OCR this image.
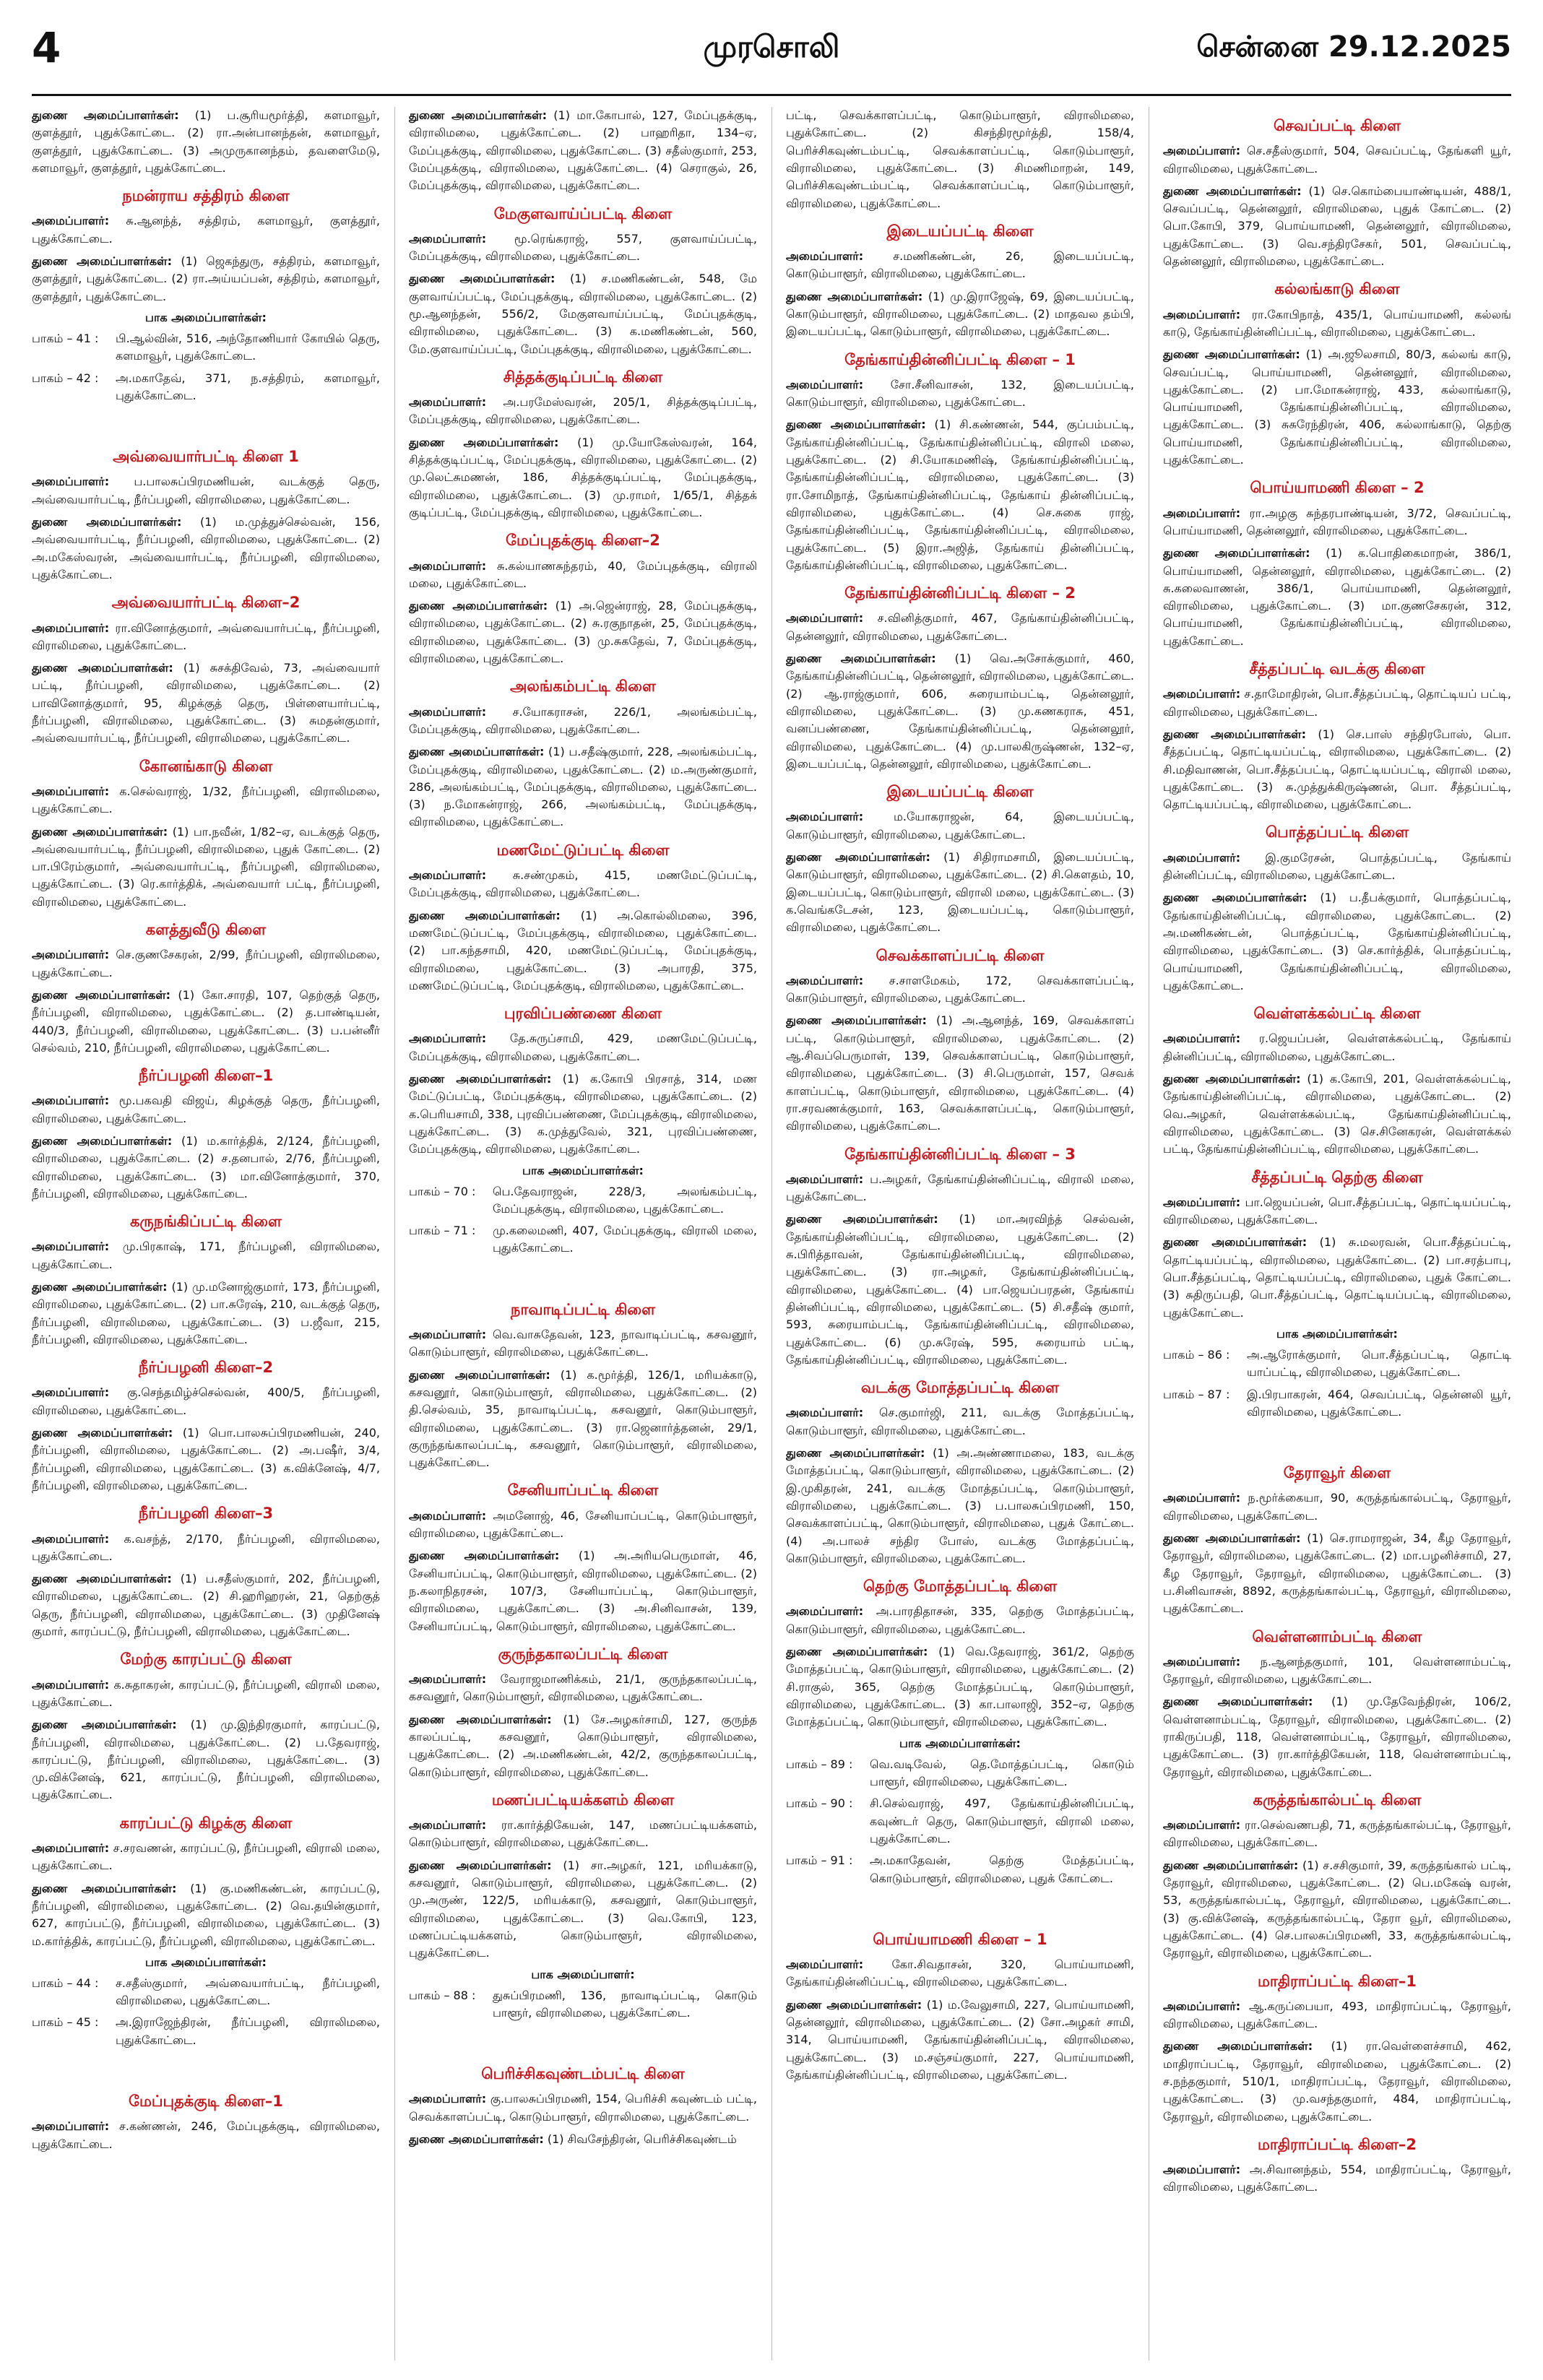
4	முரசொலி	சென்னை 29.12.2025

துணை அமைப்பாளர்கள்: (1) ப.சூரியமூர்த்தி, களமாவூர், குளத்தூர், புதுக்கோட்டை. (2) ரா.அன்பானந்தன், களமாவூர், குளத்தூர், புதுக்கோட்டை. (3) அமுருகானந்தம், தவளைமேடு, களமாவூர், குளத்தூர், புதுக்கோட்டை.

நமன்ராய சத்திரம் கிளை

அமைப்பாளர்: சு.ஆனந்த், சத்திரம், களமாவூர், குளத்தூர், புதுக்கோட்டை.

துணை அமைப்பாளர்கள்: (1) ஜெகந்துரு, சத்திரம், களமாவூர், குளத்தூர், புதுக்கோட்டை. (2) ரா.அய்யப்பன், சத்திரம், களமாவூர், குளத்தூர், புதுக்கோட்டை.

பாக அமைப்பாளர்கள்:
பாகம் – 41 :	பி.ஆல்வின், 516, அந்தோணியார் கோயில் தெரு, களமாவூர், புதுக்கோட்டை.
பாகம் – 42 :	அ.மகாதேவ், 371, ந.சத்திரம், களமாவூர், புதுக்கோட்டை.
அவ்வையார்பட்டி கிளை 1

அமைப்பாளர்: ப.பாலசுப்பிரமணியன், வடக்குத் தெரு, அவ்வையார்பட்டி, நீர்ப்பழனி, விராலிமலை, புதுக்கோட்டை.

துணை அமைப்பாளர்கள்: (1) ம.முத்துச்செல்வன், 156, அவ்வையார்பட்டி, நீர்ப்பழனி, விராலிமலை, புதுக்கோட்டை. (2) அ.மகேஸ்வரன், அவ்வையார்பட்டி, நீர்ப்பழனி, விராலிமலை, புதுக்கோட்டை.

அவ்வையார்பட்டி கிளை–2

அமைப்பாளர்: ரா.வினோத்குமார், அவ்வையார்பட்டி, நீர்ப்பழனி, விராலிமலை, புதுக்கோட்டை.

துணை அமைப்பாளர்கள்: (1) சுசக்திவேல், 73, அவ்வையார் பட்டி, நீர்ப்பழனி, விராலிமலை, புதுக்கோட்டை. (2) பாவினோத்குமார், 95, கிழக்குத் தெரு, பிள்ளையார்பட்டி, நீர்ப்பழனி, விராலிமலை, புதுக்கோட்டை. (3) சுமதன்குமார், அவ்வையார்பட்டி, நீர்ப்பழனி, விராலிமலை, புதுக்கோட்டை.

கோனங்காடு கிளை

அமைப்பாளர்: க.செல்வராஜ், 1/32, நீர்ப்பழனி, விராலிமலை, புதுக்கோட்டை.

துணை அமைப்பாளர்கள்: (1) பா.நவீன், 1/82–ஏ, வடக்குத் தெரு, அவ்வையார்பட்டி, நீர்ப்பழனி, விராலிமலை, புதுக் கோட்டை. (2) பா.பிரேம்குமார், அவ்வையார்பட்டி, நீர்ப்பழனி, விராலிமலை, புதுக்கோட்டை. (3) ரெ.கார்த்திக், அவ்வையார் பட்டி, நீர்ப்பழனி, விராலிமலை, புதுக்கோட்டை.

களத்துவீடு கிளை

அமைப்பாளர்: செ.குணசேகரன், 2/99, நீர்ப்பழனி, விராலிமலை, புதுக்கோட்டை.

துணை அமைப்பாளர்கள்: (1) கோ.சாரதி, 107, தெற்குத் தெரு, நீர்ப்பழனி, விராலிமலை, புதுக்கோட்டை. (2) த.பாண்டியன், 440/3, நீர்ப்பழனி, விராலிமலை, புதுக்கோட்டை. (3) ப.பன்னீர் செல்வம், 210, நீர்ப்பழனி, விராலிமலை, புதுக்கோட்டை.

நீர்ப்பழனி கிளை–1

அமைப்பாளர்: மூ.பகவதி விஜய், கிழக்குத் தெரு, நீர்ப்பழனி, விராலிமலை, புதுக்கோட்டை.

துணை அமைப்பாளர்கள்: (1) ம.கார்த்திக், 2/124, நீர்ப்பழனி, விராலிமலை, புதுக்கோட்டை. (2) ச.தனபால், 2/76, நீர்ப்பழனி, விராலிமலை, புதுக்கோட்டை. (3) மா.வினோத்குமார், 370, நீர்ப்பழனி, விராலிமலை, புதுக்கோட்டை.

கருநங்கிப்பட்டி கிளை

அமைப்பாளர்: மு.பிரகாஷ், 171, நீர்ப்பழனி, விராலிமலை, புதுக்கோட்டை.

துணை அமைப்பாளர்கள்: (1) மு.மனோஜ்குமார், 173, நீர்ப்பழனி, விராலிமலை, புதுக்கோட்டை. (2) பா.சுரேஷ், 210, வடக்குத் தெரு, நீர்ப்பழனி, விராலிமலை, புதுக்கோட்டை. (3) ப.ஜீவா, 215, நீர்ப்பழனி, விராலிமலை, புதுக்கோட்டை.

நீர்ப்பழனி கிளை–2

அமைப்பாளர்: கு.செந்தமிழ்ச்செல்வன், 400/5, நீர்ப்பழனி, விராலிமலை, புதுக்கோட்டை.

துணை அமைப்பாளர்கள்: (1) பொ.பாலசுப்பிரமணியன், 240, நீர்ப்பழனி, விராலிமலை, புதுக்கோட்டை. (2) அ.பஷீர், 3/4, நீர்ப்பழனி, விராலிமலை, புதுக்கோட்டை. (3) க.விக்னேஷ், 4/7, நீர்ப்பழனி, விராலிமலை, புதுக்கோட்டை.

நீர்ப்பழனி கிளை–3

அமைப்பாளர்: க.வசந்த், 2/170, நீர்ப்பழனி, விராலிமலை, புதுக்கோட்டை.

துணை அமைப்பாளர்கள்: (1) ப.சதீஸ்குமார், 202, நீர்ப்பழனி, விராலிமலை, புதுக்கோட்டை. (2) சி.ஹரிஹரன், 21, தெற்குத் தெரு, நீர்ப்பழனி, விராலிமலை, புதுக்கோட்டை. (3) முதினேஷ் குமார், காரப்பட்டு, நீர்ப்பழனி, விராலிமலை, புதுக்கோட்டை.

மேற்கு காரப்பட்டு கிளை

அமைப்பாளர்: க.சுதாகரன், காரப்பட்டு, நீர்ப்பழனி, விராலி மலை, புதுக்கோட்டை.

துணை அமைப்பாளர்கள்: (1) மு.இந்திரகுமார், காரப்பட்டு, நீர்ப்பழனி, விராலிமலை, புதுக்கோட்டை. (2) ப.தேவராஜ், காரப்பட்டு, நீர்ப்பழனி, விராலிமலை, புதுக்கோட்டை. (3) மு.விக்னேஷ், 621, காரப்பட்டு, நீர்ப்பழனி, விராலிமலை, புதுக்கோட்டை.

காரப்பட்டு கிழக்கு கிளை

அமைப்பாளர்: ச.சரவணன், காரப்பட்டு, நீர்ப்பழனி, விராலி மலை, புதுக்கோட்டை.

துணை அமைப்பாளர்கள்: (1) கு.மணிகண்டன், காரப்பட்டு, நீர்ப்பழனி, விராலிமலை, புதுக்கோட்டை. (2) வெ.தயின்குமார், 627, காரப்பட்டு, நீர்ப்பழனி, விராலிமலை, புதுக்கோட்டை. (3) ம.கார்த்திக், காரப்பட்டு, நீர்ப்பழனி, விராலிமலை, புதுக்கோட்டை.

பாக அமைப்பாளர்கள்:
பாகம் – 44 :	ச.சதீஸ்குமார், அவ்வையார்பட்டி, நீர்ப்பழனி, விராலிமலை, புதுக்கோட்டை.
பாகம் – 45 :	அ.இராஜேந்திரன், நீர்ப்பழனி, விராலிமலை, புதுக்கோட்டை.
மேப்புதக்குடி கிளை–1

அமைப்பாளர்: ச.கண்ணன், 246, மேப்புதக்குடி, விராலிமலை, புதுக்கோட்டை.

துணை அமைப்பாளர்கள்: (1) மா.கோபால், 127, மேப்புதக்குடி, விராலிமலை, புதுக்கோட்டை. (2) பாஹரிதா, 134–ஏ, மேப்புதக்குடி, விராலிமலை, புதுக்கோட்டை. (3) சதீஸ்குமார், 253, மேப்புதக்குடி, விராலிமலை, புதுக்கோட்டை. (4) செராகுல், 26, மேப்புதக்குடி, விராலிமலை, புதுக்கோட்டை.

மேகுளவாய்ப்பட்டி கிளை

அமைப்பாளர்: மூ.ரெங்கராஜ், 557, குளவாய்ப்பட்டி, மேப்புதக்குடி, விராலிமலை, புதுக்கோட்டை.

துணை அமைப்பாளர்கள்: (1) ச.மணிகண்டன், 548, மே குளவாய்ப்பட்டி, மேப்புதக்குடி, விராலிமலை, புதுக்கோட்டை. (2) மூ.ஆனந்தன், 556/2, மேகுளவாய்ப்பட்டி, மேப்புதக்குடி, விராலிமலை, புதுக்கோட்டை. (3) க.மணிகண்டன், 560, மே.குளவாய்ப்பட்டி, மேப்புதக்குடி, விராலிமலை, புதுக்கோட்டை.

சித்தக்குடிப்பட்டி கிளை

அமைப்பாளர்: அ.பரமேஸ்வரன், 205/1, சித்தக்குடிப்பட்டி, மேப்புதக்குடி, விராலிமலை, புதுக்கோட்டை.

துணை அமைப்பாளர்கள்: (1) மு.யோகேஸ்வரன், 164, சித்தக்குடிப்பட்டி, மேப்புதக்குடி, விராலிமலை, புதுக்கோட்டை. (2) மு.லெட்சுமணன், 186, சித்தக்குடிப்பட்டி, மேப்புதக்குடி, விராலிமலை, புதுக்கோட்டை. (3) மு.ராமர், 1/65/1, சித்தக் குடிப்பட்டி, மேப்புதக்குடி, விராலிமலை, புதுக்கோட்டை.

மேப்புதக்குடி கிளை–2

அமைப்பாளர்: சு.கல்யாணசுந்தரம், 40, மேப்புதக்குடி, விராலி மலை, புதுக்கோட்டை.

துணை அமைப்பாளர்கள்: (1) அ.ஜென்ராஜ், 28, மேப்புதக்குடி, விராலிமலை, புதுக்கோட்டை. (2) சு.ரகுநாதன், 25, மேப்புதக்குடி, விராலிமலை, புதுக்கோட்டை. (3) மு.சுகதேவ், 7, மேப்புதக்குடி, விராலிமலை, புதுக்கோட்டை.

அலங்கம்பட்டி கிளை

அமைப்பாளர்: ச.யோகராசன், 226/1, அலங்கம்பட்டி, மேப்புதக்குடி, விராலிமலை, புதுக்கோட்டை.

துணை அமைப்பாளர்கள்: (1) ப.சதீஷ்குமார், 228, அலங்கம்பட்டி, மேப்புதக்குடி, விராலிமலை, புதுக்கோட்டை. (2) ம.அருண்குமார், 286, அலங்கம்பட்டி, மேப்புதக்குடி, விராலிமலை, புதுக்கோட்டை. (3) ந.மோகன்ராஜ், 266, அலங்கம்பட்டி, மேப்புதக்குடி, விராலிமலை, புதுக்கோட்டை.

மணமேட்டுப்பட்டி கிளை

அமைப்பாளர்: சு.சண்முகம், 415, மணமேட்டுப்பட்டி, மேப்புதக்குடி, விராலிமலை, புதுக்கோட்டை.

துணை அமைப்பாளர்கள்: (1) அ.கொல்லிமலை, 396, மணமேட்டுப்பட்டி, மேப்புதக்குடி, விராலிமலை, புதுக்கோட்டை. (2) பா.கந்தசாமி, 420, மணமேட்டுப்பட்டி, மேப்புதக்குடி, விராலிமலை, புதுக்கோட்டை. (3) அபாரதி, 375, மணமேட்டுப்பட்டி, மேப்புதக்குடி, விராலிமலை, புதுக்கோட்டை.

புரவிப்பண்ணை கிளை

அமைப்பாளர்: தே.சுருப்சாமி, 429, மணமேட்டுப்பட்டி, மேப்புதக்குடி, விராலிமலை, புதுக்கோட்டை.

துணை அமைப்பாளர்கள்: (1) க.கோபி பிரசாத், 314, மண மேட்டுப்பட்டி, மேப்புதக்குடி, விராலிமலை, புதுக்கோட்டை. (2) க.பெரியசாமி, 338, புரவிப்பண்ணை, மேப்புதக்குடி, விராலிமலை, புதுக்கோட்டை. (3) க.முத்துவேல், 321, புரவிப்பண்ணை, மேப்புதக்குடி, விராலிமலை, புதுக்கோட்டை.

பாக அமைப்பாளர்கள்:
பாகம் – 70 :	பெ.தேவராஜன், 228/3, அலங்கம்பட்டி, மேப்புதக்குடி, விராலிமலை, புதுக்கோட்டை.
பாகம் – 71 :	மு.கலைமணி, 407, மேப்புதக்குடி, விராலி மலை, புதுக்கோட்டை.
நாவாடிப்பட்டி கிளை

அமைப்பாளர்: வெ.வாசுதேவன், 123, நாவாடிப்பட்டி, கசவனூர், கொடும்பாளூர், விராலிமலை, புதுக்கோட்டை.

துணை அமைப்பாளர்கள்: (1) க.மூர்த்தி, 126/1, மரியக்காடு, கசவனூர், கொடும்பாளூர், விராலிமலை, புதுக்கோட்டை. (2) தி.செல்வம், 35, நாவாடிப்பட்டி, கசவனூர், கொடும்பாளூர், விராலிமலை, புதுக்கோட்டை. (3) ரா.ஜெனார்த்தனன், 29/1, குருந்தங்காலப்பட்டி, கசவனூர், கொடும்பாளூர், விராலிமலை, புதுக்கோட்டை.

சேனியாப்பட்டி கிளை

அமைப்பாளர்: அமனோஜ், 46, சேனியாப்பட்டி, கொடும்பாளூர், விராலிமலை, புதுக்கோட்டை.

துணை அமைப்பாளர்கள்: (1) அ.அரியபெருமாள், 46, சேனியாப்பட்டி, கொடும்பாளூர், விராலிமலை, புதுக்கோட்டை. (2) ந.கலாநிதரசன், 107/3, சேனியாப்பட்டி, கொடும்பாளூர், விராலிமலை, புதுக்கோட்டை. (3) அ.சினிவாசன், 139, சேனியாப்பட்டி, கொடும்பாளூர், விராலிமலை, புதுக்கோட்டை.

குருந்தகாலப்பட்டி கிளை

அமைப்பாளர்: வேராஜமாணிக்கம், 21/1, குருந்தகாலப்பட்டி, கசவனூர், கொடும்பாளூர், விராலிமலை, புதுக்கோட்டை.

துணை அமைப்பாளர்கள்: (1) சே.அழகர்சாமி, 127, குருந்த காலப்பட்டி, கசவனூர், கொடும்பாளூர், விராலிமலை, புதுக்கோட்டை. (2) அ.மணிகண்டன், 42/2, குருந்தகாலப்பட்டி, கொடும்பாளூர், விராலிமலை, புதுக்கோட்டை.

மணப்பட்டியக்களம் கிளை

அமைப்பாளர்: ரா.கார்த்திகேயன், 147, மணப்பட்டியக்களம், கொடும்பாளூர், விராலிமலை, புதுக்கோட்டை.

துணை அமைப்பாளர்கள்: (1) சா.அழகர், 121, மரியக்காடு, கசவனூர், கொடும்பாளூர், விராலிமலை, புதுக்கோட்டை. (2) மு.அருண், 122/5, மரியக்காடு, கசவனூர், கொடும்பாளூர், விராலிமலை, புதுக்கோட்டை. (3) வெ.கோபி, 123, மணப்பட்டியக்களம், கொடும்பாளூர், விராலிமலை, புதுக்கோட்டை.

பாக அமைப்பாளர்:
பாகம் – 88 :	துசுப்பிரமணி, 136, நாவாடிப்பட்டி, கொடும் பாளூர், விராலிமலை, புதுக்கோட்டை.
பெரிச்சிகவுண்டம்பட்டி கிளை

அமைப்பாளர்: கு.பாலசுப்பிரமணி, 154, பெரிச்சி கவுண்டம் பட்டி, செவக்காளப்பட்டி, கொடும்பாளூர், விராலிமலை, புதுக்கோட்டை.

துணை அமைப்பாளர்கள்: (1) சிவசேந்திரன், பெரிச்சிகவுண்டம்

பட்டி, செவக்காளப்பட்டி, கொடும்பாளூர், விராலிமலை, புதுக்கோட்டை. (2) கிசந்திரமூர்த்தி, 158/4, பெரிச்சிகவுண்டம்பட்டி, செவக்காளப்பட்டி, கொடும்பாளூர், விராலிமலை, புதுக்கோட்டை. (3) சிமணிமாறன், 149, பெரிச்சிகவுண்டம்பட்டி, செவக்காளப்பட்டி, கொடும்பாளூர், விராலிமலை, புதுக்கோட்டை.

இடையப்பட்டி கிளை

அமைப்பாளர்: ச.மணிகண்டன், 26, இடையப்பட்டி, கொடும்பாளூர், விராலிமலை, புதுக்கோட்டை.

துணை அமைப்பாளர்கள்: (1) மு.இராஜேஷ், 69, இடையப்பட்டி, கொடும்பாளூர், விராலிமலை, புதுக்கோட்டை. (2) மாதவல தம்பி, இடையப்பட்டி, கொடும்பாளூர், விராலிமலை, புதுக்கோட்டை.

தேங்காய்தின்னிப்பட்டி கிளை – 1

அமைப்பாளர்: சோ.சீனிவாசன், 132, இடையப்பட்டி, கொடும்பாளூர், விராலிமலை, புதுக்கோட்டை.

துணை அமைப்பாளர்கள்: (1) சி.கண்ணன், 544, குப்பம்பட்டி, தேங்காய்தின்னிப்பட்டி, தேங்காய்தின்னிப்பட்டி, விராலி மலை, புதுக்கோட்டை. (2) சி.யோகமணிஷ், தேங்காய்தின்னிப்பட்டி, தேங்காய்தின்னிப்பட்டி, விராலிமலை, புதுக்கோட்டை. (3) ரா.சோமிநாத், தேங்காய்தின்னிப்பட்டி, தேங்காய் தின்னிப்பட்டி, விராலிமலை, புதுக்கோட்டை. (4) செ.சுகை ராஜ், தேங்காய்தின்னிப்பட்டி, தேங்காய்தின்னிப்பட்டி, விராலிமலை, புதுக்கோட்டை. (5) இரா.அஜித், தேங்காய் தின்னிப்பட்டி, தேங்காய்தின்னிப்பட்டி, விராலிமலை, புதுக்கோட்டை.

தேங்காய்தின்னிப்பட்டி கிளை – 2

அமைப்பாளர்: ச.வினித்குமார், 467, தேங்காய்தின்னிப்பட்டி, தென்னலூர், விராலிமலை, புதுக்கோட்டை.

துணை அமைப்பாளர்கள்: (1) வெ.அசோக்குமார், 460, தேங்காய்தின்னிப்பட்டி, தென்னலூர், விராலிமலை, புதுக்கோட்டை. (2) ஆ.ராஜ்குமார், 606, சுரையாம்பட்டி, தென்னலூர், விராலிமலை, புதுக்கோட்டை. (3) மு.கணகராசு, 451, வனப்பண்ணை, தேங்காய்தின்னிப்பட்டி, தென்னலூர், விராலிமலை, புதுக்கோட்டை. (4) மு.பாலகிருஷ்ணன், 132–ஏ, இடையப்பட்டி, தென்னலூர், விராலிமலை, புதுக்கோட்டை.

இடையப்பட்டி கிளை

அமைப்பாளர்: ம.யோகராஜன், 64, இடையப்பட்டி, கொடும்பாளூர், விராலிமலை, புதுக்கோட்டை.

துணை அமைப்பாளர்கள்: (1) சிதிராமசாமி, இடையப்பட்டி, கொடும்பாளூர், விராலிமலை, புதுக்கோட்டை. (2) சி.கெளதம், 10, இடையப்பட்டி, கொடும்பாளூர், விராலி மலை, புதுக்கோட்டை. (3) க.வெங்கடேசன், 123, இடையப்பட்டி, கொடும்பாளூர், விராலிமலை, புதுக்கோட்டை.

செவக்காளப்பட்டி கிளை

அமைப்பாளர்: ச.சாளமேகம், 172, செவக்காளப்பட்டி, கொடும்பாளூர், விராலிமலை, புதுக்கோட்டை.

துணை அமைப்பாளர்கள்: (1) அ.ஆனந்த், 169, செவக்காளப் பட்டி, கொடும்பாளூர், விராலிமலை, புதுக்கோட்டை. (2) ஆ.சிவப்பெருமாள், 139, செவக்காளப்பட்டி, கொடும்பாளூர், விராலிமலை, புதுக்கோட்டை. (3) சி.பெருமாள், 157, செவக் காளப்பட்டி, கொடும்பாளூர், விராலிமலை, புதுக்கோட்டை. (4) ரா.சரவணக்குமார், 163, செவக்காளப்பட்டி, கொடும்பாளூர், விராலிமலை, புதுக்கோட்டை.

தேங்காய்தின்னிப்பட்டி கிளை – 3

அமைப்பாளர்: ப.அழகர், தேங்காய்தின்னிப்பட்டி, விராலி மலை, புதுக்கோட்டை.

துணை அமைப்பாளர்கள்: (1) மா.அரவிந்த் செல்வன், தேங்காய்தின்னிப்பட்டி, விராலிமலை, புதுக்கோட்டை. (2) சு.பிரித்தாவன், தேங்காய்தின்னிப்பட்டி, விராலிமலை, புதுக்கோட்டை. (3) ரா.அழகர், தேங்காய்தின்னிப்பட்டி, விராலிமலை, புதுக்கோட்டை. (4) பா.ஜெயப்பரதன், தேங்காய் தின்னிப்பட்டி, விராலிமலை, புதுக்கோட்டை. (5) சி.சதீஷ் குமார், 593, சுரையாம்பட்டி, தேங்காய்தின்னிப்பட்டி, விராலிமலை, புதுக்கோட்டை. (6) மு.சுரேஷ், 595, சுரையாம் பட்டி, தேங்காய்தின்னிப்பட்டி, விராலிமலை, புதுக்கோட்டை.

வடக்கு மோத்தப்பட்டி கிளை

அமைப்பாளர்: செ.குமார்ஜி, 211, வடக்கு மோத்தப்பட்டி, கொடும்பாளூர், விராலிமலை, புதுக்கோட்டை.

துணை அமைப்பாளர்கள்: (1) அ.அண்ணாமலை, 183, வடக்கு மோத்தப்பட்டி, கொடும்பாளூர், விராலிமலை, புதுக்கோட்டை. (2) இ.முகிதரன், 241, வடக்கு மோத்தப்பட்டி, கொடும்பாளூர், விராலிமலை, புதுக்கோட்டை. (3) ப.பாலசுப்பிரமணி, 150, செவக்காளப்பட்டி, கொடும்பாளூர், விராலிமலை, புதுக் கோட்டை. (4) அ.பாலச் சந்திர போஸ், வடக்கு மோத்தப்பட்டி, கொடும்பாளூர், விராலிமலை, புதுக்கோட்டை.

தெற்கு மோத்தப்பட்டி கிளை

அமைப்பாளர்: அ.பாரதிதாசன், 335, தெற்கு மோத்தப்பட்டி, கொடும்பாளூர், விராலிமலை, புதுக்கோட்டை.

துணை அமைப்பாளர்கள்: (1) வெ.தேவராஜ், 361/2, தெற்கு மோத்தப்பட்டி, கொடும்பாளூர், விராலிமலை, புதுக்கோட்டை. (2) சி.ராகுல், 365, தெற்கு மோத்தப்பட்டி, கொடும்பாளூர், விராலிமலை, புதுக்கோட்டை. (3) கா.பாலாஜி, 352–ஏ, தெற்கு மோத்தப்பட்டி, கொடும்பாளூர், விராலிமலை, புதுக்கோட்டை.

பாக அமைப்பாளர்கள்:
பாகம் – 89 :	வெ.வடிவேல், தெ.மோத்தப்பட்டி, கொடும் பாளூர், விராலிமலை, புதுக்கோட்டை.
பாகம் – 90 :	சி.செல்வராஜ், 497, தேங்காய்தின்னிப்பட்டி, கவுண்டர் தெரு, கொடும்பாளூர், விராலி மலை, புதுக்கோட்டை.
பாகம் – 91 :	அ.மகாதேவன், தெற்கு மேத்தப்பட்டி, கொடும்பாளூர், விராலிமலை, புதுக் கோட்டை.
பொய்யாமணி கிளை – 1

அமைப்பாளர்: கோ.சிவதாசன், 320, பொய்யாமணி, தேங்காய்தின்னிப்பட்டி, விராலிமலை, புதுக்கோட்டை.

துணை அமைப்பாளர்கள்: (1) ம.வேலுசாமி, 227, பொய்யாமணி, தென்னலூர், விராலிமலை, புதுக்கோட்டை. (2) சோ.அழகர் சாமி, 314, பொய்யாமணி, தேங்காய்தின்னிப்பட்டி, விராலிமலை, புதுக்கோட்டை. (3) ம.சஞ்சய்குமார், 227, பொய்யாமணி, தேங்காய்தின்னிப்பட்டி, விராலிமலை, புதுக்கோட்டை.

செவப்பட்டி கிளை

அமைப்பாளர்: செ.சதீஸ்குமார், 504, செவப்பட்டி, தேங்களி யூர், விராலிமலை, புதுக்கோட்டை.

துணை அமைப்பாளர்கள்: (1) செ.கொம்பையாண்டியன், 488/1, செவப்பட்டி, தென்னலூர், விராலிமலை, புதுக் கோட்டை. (2) பொ.கோபி, 379, பொய்யாமணி, தென்னலூர், விராலிமலை, புதுக்கோட்டை. (3) வெ.சந்திரசேகர், 501, செவப்பட்டி, தென்னலூர், விராலிமலை, புதுக்கோட்டை.

கல்லங்காடு கிளை

அமைப்பாளர்: ரா.கோபிநாத், 435/1, பொய்யாமணி, கல்லங் காடு, தேங்காய்தின்னிப்பட்டி, விராலிமலை, புதுக்கோட்டை.

துணை அமைப்பாளர்கள்: (1) அ.ஜூலசாமி, 80/3, கல்லங் காடு, செவப்பட்டி, பொய்யாமணி, தென்னலூர், விராலிமலை, புதுக்கோட்டை. (2) பா.மோகன்ராஜ், 433, கல்லாங்காடு, பொய்யாமணி, தேங்காய்தின்னிப்பட்டி, விராலிமலை, புதுக்கோட்டை. (3) சுசுரேந்திரன், 406, கல்லாங்காடு, தெற்கு பொய்யாமணி, தேங்காய்தின்னிப்பட்டி, விராலிமலை, புதுக்கோட்டை.

பொய்யாமணி கிளை – 2

அமைப்பாளர்: ரா.அழகு சுந்தரபாண்டியன், 3/72, செவப்பட்டி, பொய்யாமணி, தென்னலூர், விராலிமலை, புதுக்கோட்டை.

துணை அமைப்பாளர்கள்: (1) க.பொதிகைமாறன், 386/1, பொய்யாமணி, தென்னலூர், விராலிமலை, புதுக்கோட்டை. (2) சு.கலைவாணன், 386/1, பொய்யாமணி, தென்னலூர், விராலிமலை, புதுக்கோட்டை. (3) மா.குணசேகரன், 312, பொய்யாமணி, தேங்காய்தின்னிப்பட்டி, விராலிமலை, புதுக்கோட்டை.

சீத்தப்பட்டி வடக்கு கிளை

அமைப்பாளர்: ச.தாமோதிரன், பொ.சீத்தப்பட்டி, தொட்டியப் பட்டி, விராலிமலை, புதுக்கோட்டை.

துணை அமைப்பாளர்கள்: (1) செ.பாஸ் சந்திரபோஸ், பொ. சீத்தப்பட்டி, தொட்டியப்பட்டி, விராலிமலை, புதுக்கோட்டை. (2) சி.மதிவாணன், பொ.சீத்தப்பட்டி, தொட்டியப்பட்டி, விராலி மலை, புதுக்கோட்டை. (3) சு.முத்துக்கிருஷ்ணன், பொ. சீத்தப்பட்டி, தொட்டியப்பட்டி, விராலிமலை, புதுக்கோட்டை.

பொத்தப்பட்டி கிளை

அமைப்பாளர்: இ.குமரேசன், பொத்தப்பட்டி, தேங்காய் தின்னிப்பட்டி, விராலிமலை, புதுக்கோட்டை.

துணை அமைப்பாளர்கள்: (1) ப.தீபக்குமார், பொத்தப்பட்டி, தேங்காய்தின்னிப்பட்டி, விராலிமலை, புதுக்கோட்டை. (2) அ.மணிகண்டன், பொத்தப்பட்டி, தேங்காய்தின்னிப்பட்டி, விராலிமலை, புதுக்கோட்டை. (3) செ.கார்த்திக், பொத்தப்பட்டி, பொய்யாமணி, தேங்காய்தின்னிப்பட்டி, விராலிமலை, புதுக்கோட்டை.

வெள்ளக்கல்பட்டி கிளை

அமைப்பாளர்: ர.ஜெயப்பன், வெள்ளக்கல்பட்டி, தேங்காய் தின்னிப்பட்டி, விராலிமலை, புதுக்கோட்டை.

துணை அமைப்பாளர்கள்: (1) க.கோபி, 201, வெள்ளக்கல்பட்டி, தேங்காய்தின்னிப்பட்டி, விராலிமலை, புதுக்கோட்டை. (2) வெ.அழகர், வெள்ளக்கல்பட்டி, தேங்காய்தின்னிப்பட்டி, விராலிமலை, புதுக்கோட்டை. (3) செ.சினேகரன், வெள்ளக்கல் பட்டி, தேங்காய்தின்னிப்பட்டி, விராலிமலை, புதுக்கோட்டை.

சீத்தப்பட்டி தெற்கு கிளை

அமைப்பாளர்: பா.ஜெயப்பன், பொ.சீத்தப்பட்டி, தொட்டியப்பட்டி, விராலிமலை, புதுக்கோட்டை.

துணை அமைப்பாளர்கள்: (1) சு.மலரவன், பொ.சீத்தப்பட்டி, தொட்டியப்பட்டி, விராலிமலை, புதுக்கோட்டை. (2) பா.சரத்பாபு, பொ.சீத்தப்பட்டி, தொட்டியப்பட்டி, விராலிமலை, புதுக் கோட்டை. (3) சுதிருப்பதி, பொ.சீத்தப்பட்டி, தொட்டியப்பட்டி, விராலிமலை, புதுக்கோட்டை.

பாக அமைப்பாளர்கள்:
பாகம் – 86 :	அ.ஆரோக்குமார், பொ.சீத்தப்பட்டி, தொட்டி யாப்பட்டி, விராலிமலை, புதுக்கோட்டை.
பாகம் – 87 :	இ.பிரபாகரன், 464, செவப்பட்டி, தென்னலி யூர், விராலிமலை, புதுக்கோட்டை.
தேராவூர் கிளை

அமைப்பாளர்: ந.மூர்க்கையா, 90, கருத்தங்கால்பட்டி, தேராவூர், விராலிமலை, புதுக்கோட்டை.

துணை அமைப்பாளர்கள்: (1) செ.ராமராஜன், 34, கீழ தேராவூர், தேராவூர், விராலிமலை, புதுக்கோட்டை. (2) மா.பழனிச்சாமி, 27, கீழ தேராவூர், தேராவூர், விராலிமலை, புதுக்கோட்டை. (3) ப.சினிவாசன், 8892, கருத்தங்கால்பட்டி, தேராவூர், விராலிமலை, புதுக்கோட்டை.

வெள்ளனாம்பட்டி கிளை

அமைப்பாளர்: ந.ஆனந்தகுமார், 101, வெள்ளனாம்பட்டி, தேராவூர், விராலிமலை, புதுக்கோட்டை.

துணை அமைப்பாளர்கள்: (1) மு.தேவேந்திரன், 106/2, வெள்ளனாம்பட்டி, தேராவூர், விராலிமலை, புதுக்கோட்டை. (2) ராகிருப்பதி, 118, வெள்ளனாம்பட்டி, தேராவூர், விராலிமலை, புதுக்கோட்டை. (3) ரா.கார்த்திகேயன், 118, வெள்ளனாம்பட்டி, தேராவூர், விராலிமலை, புதுக்கோட்டை.

கருத்தங்கால்பட்டி கிளை

அமைப்பாளர்: ரா.செல்வணபதி, 71, கருத்தங்கால்பட்டி, தேராவூர், விராலிமலை, புதுக்கோட்டை.

துணை அமைப்பாளர்கள்: (1) ச.சசிகுமார், 39, கருத்தங்கால் பட்டி, தேராவூர், விராலிமலை, புதுக்கோட்டை. (2) பெ.மகேஷ் வரன், 53, கருத்தங்கால்பட்டி, தேராவூர், விராலிமலை, புதுக்கோட்டை. (3) கு.விக்னேஷ், கருத்தங்கால்பட்டி, தேரா வூர், விராலிமலை, புதுக்கோட்டை. (4) செ.பாலசுப்பிரமணி, 33, கருத்தங்கால்பட்டி, தேராவூர், விராலிமலை, புதுக்கோட்டை.

மாதிராப்பட்டி கிளை–1

அமைப்பாளர்: ஆ.கருப்பையா, 493, மாதிராப்பட்டி, தேராவூர், விராலிமலை, புதுக்கோட்டை.

துணை அமைப்பாளர்கள்: (1) ரா.வெள்ளைச்சாமி, 462, மாதிராப்பட்டி, தேராவூர், விராலிமலை, புதுக்கோட்டை. (2) ச.நந்தகுமார், 510/1, மாதிராப்பட்டி, தேராவூர், விராலிமலை, புதுக்கோட்டை. (3) மு.வசந்தகுமார், 484, மாதிராப்பட்டி, தேராவூர், விராலிமலை, புதுக்கோட்டை.

மாதிராப்பட்டி கிளை–2

அமைப்பாளர்: அ.சிவானந்தம், 554, மாதிராப்பட்டி, தேராவூர், விராலிமலை, புதுக்கோட்டை.
